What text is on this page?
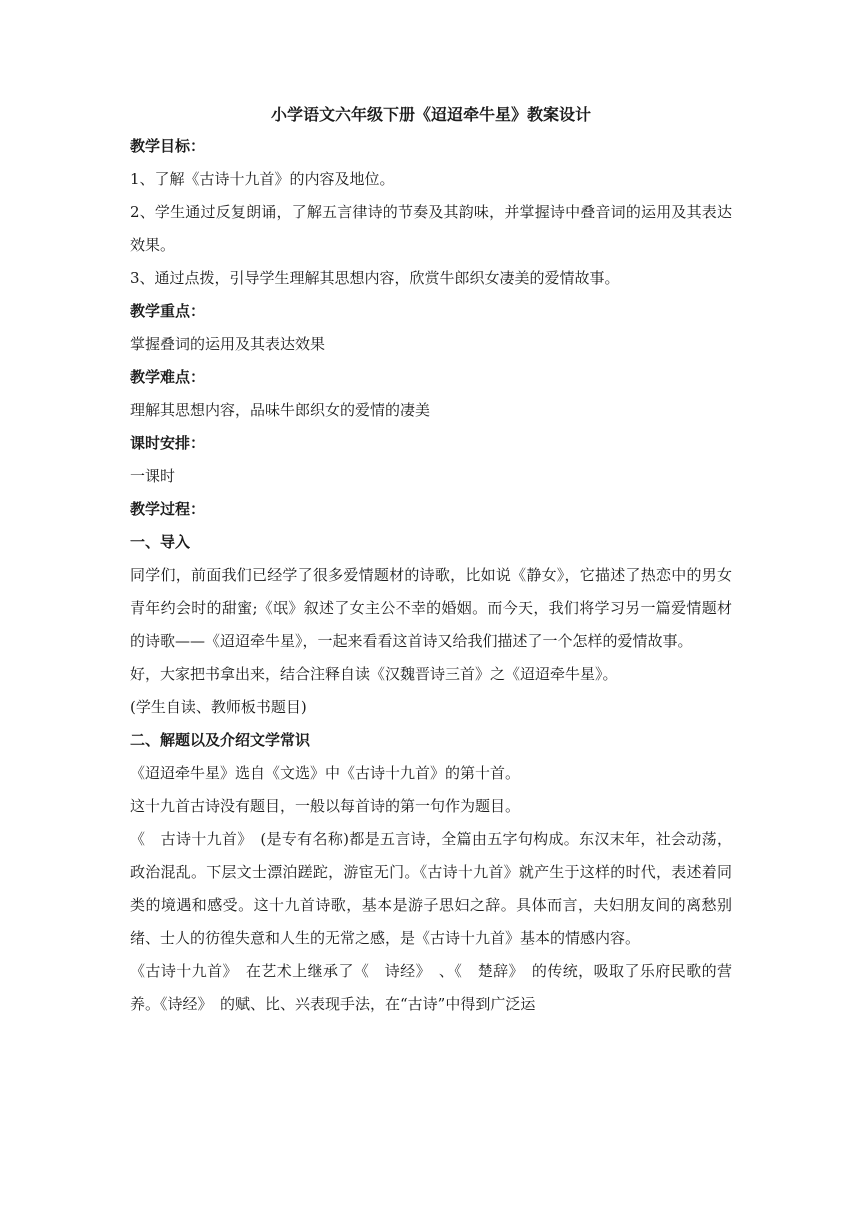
小学语文六年级下册《迢迢牵牛星》教案设计

教学目标：

1、了解《古诗十九首》的内容及地位。

2、学生通过反复朗诵，了解五言律诗的节奏及其韵味，并掌握诗中叠音词的运用及其表达效果。

3、通过点拨，引导学生理解其思想内容，欣赏牛郎织女凄美的爱情故事。

教学重点：

掌握叠词的运用及其表达效果

教学难点：

理解其思想内容，品味牛郎织女的爱情的凄美

课时安排：

一课时

教学过程：

一、导入

同学们，前面我们已经学了很多爱情题材的诗歌，比如说《静女》，它描述了热恋中的男女青年约会时的甜蜜;《氓》叙述了女主公不幸的婚姻。而今天，我们将学习另一篇爱情题材的诗歌——《迢迢牵牛星》，一起来看看这首诗又给我们描述了一个怎样的爱情故事。

好，大家把书拿出来，结合注释自读《汉魏晋诗三首》之《迢迢牵牛星》。

(学生自读、教师板书题目)

二、解题以及介绍文学常识

《迢迢牵牛星》选自《文选》中《古诗十九首》的第十首。

这十九首古诗没有题目，一般以每首诗的第一句作为题目。

《　古诗十九首》　(是专有名称)都是五言诗，全篇由五字句构成。东汉末年，社会动荡，政治混乱。下层文士漂泊蹉跎，游宦无门。《古诗十九首》就产生于这样的时代，表述着同类的境遇和感受。这十九首诗歌，基本是游子思妇之辞。具体而言，夫妇朋友间的离愁别绪、士人的彷徨失意和人生的无常之感，是《古诗十九首》基本的情感内容。

《古诗十九首》　在艺术上继承了《　诗经》　、《　楚辞》　的传统，吸取了乐府民歌的营养。《诗经》　的赋、比、兴表现手法，在“古诗”中得到广泛运
